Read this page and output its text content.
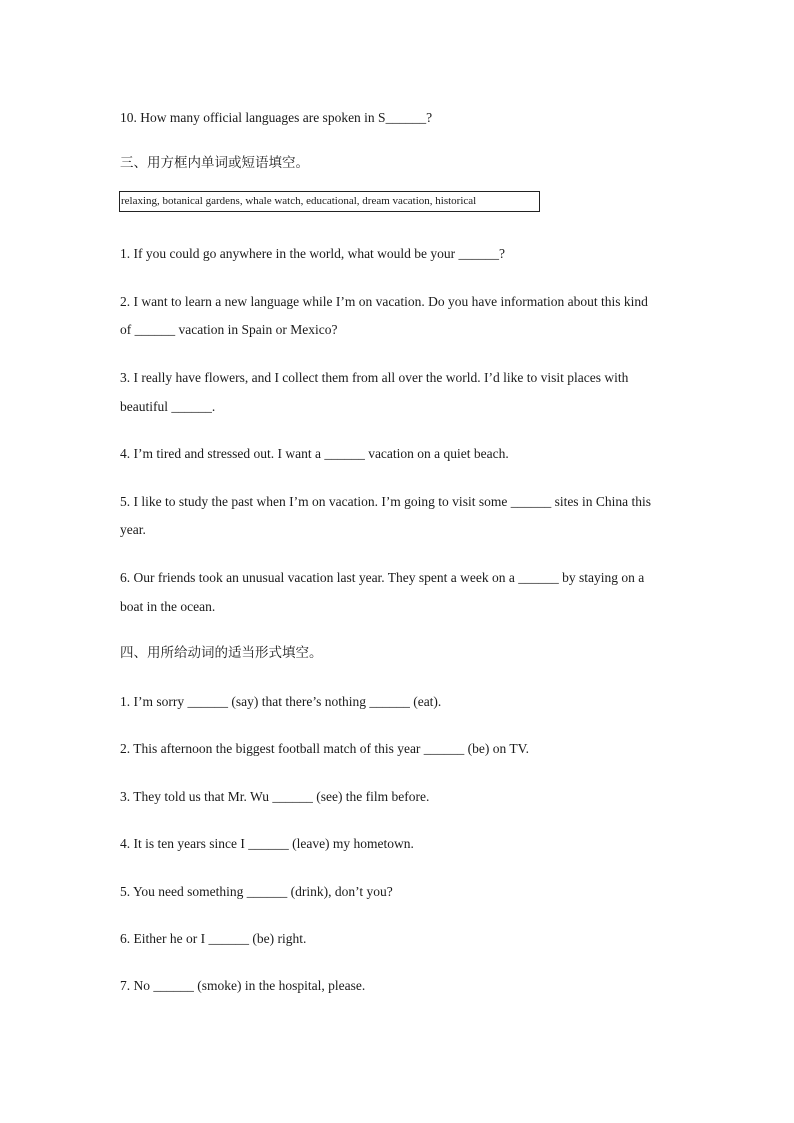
10. How many official languages are spoken in S______?
三、用方框内单词或短语填空。
relaxing, botanical gardens, whale watch, educational, dream vacation, historical
1. If you could go anywhere in the world, what would be your ______?
2. I want to learn a new language while I’m on vacation. Do you have information about this kind
of ______ vacation in Spain or Mexico?
3. I really have flowers, and I collect them from all over the world. I’d like to visit places with
beautiful ______.
4. I’m tired and stressed out. I want a ______ vacation on a quiet beach.
5. I like to study the past when I’m on vacation. I’m going to visit some ______ sites in China this
year.
6. Our friends took an unusual vacation last year. They spent a week on a ______ by staying on a
boat in the ocean.
四、用所给动词的适当形式填空。
1. I’m sorry ______ (say) that there’s nothing ______ (eat).
2. This afternoon the biggest football match of this year ______ (be) on TV.
3. They told us that Mr. Wu ______ (see) the film before.
4. It is ten years since I ______ (leave) my hometown.
5. You need something ______ (drink), don’t you?
6. Either he or I ______ (be) right.
7. No ______ (smoke) in the hospital, please.
